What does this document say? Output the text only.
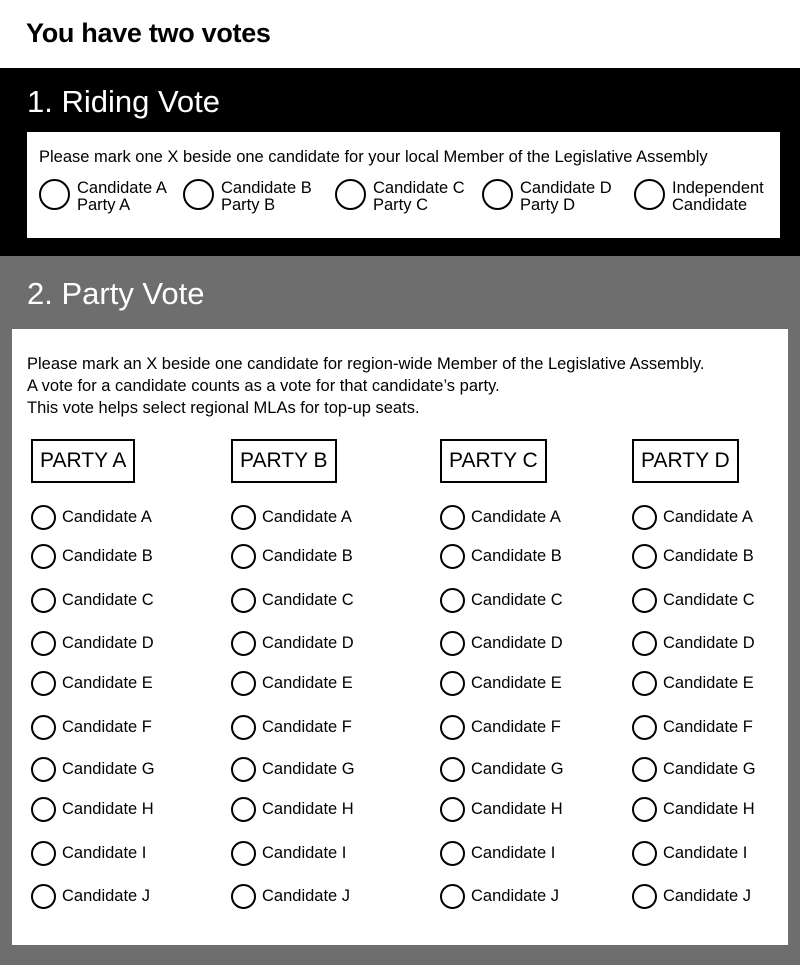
You have two votes
1. Riding Vote
Please mark one X beside one candidate for your local Member of the Legislative Assembly
Candidate A
Party A
Candidate B
Party B
Candidate C
Party C
Candidate D
Party D
Independent
Candidate
2. Party Vote
Please mark an X beside one candidate for region-wide Member of the Legislative Assembly.
A vote for a candidate counts as a vote for that candidate’s party.
This vote helps select regional MLAs for top-up seats.
PARTY A
Candidate A
Candidate B
Candidate C
Candidate D
Candidate E
Candidate F
Candidate G
Candidate H
Candidate I
Candidate J
PARTY B
Candidate A
Candidate B
Candidate C
Candidate D
Candidate E
Candidate F
Candidate G
Candidate H
Candidate I
Candidate J
PARTY C
Candidate A
Candidate B
Candidate C
Candidate D
Candidate E
Candidate F
Candidate G
Candidate H
Candidate I
Candidate J
PARTY D
Candidate A
Candidate B
Candidate C
Candidate D
Candidate E
Candidate F
Candidate G
Candidate H
Candidate I
Candidate J
